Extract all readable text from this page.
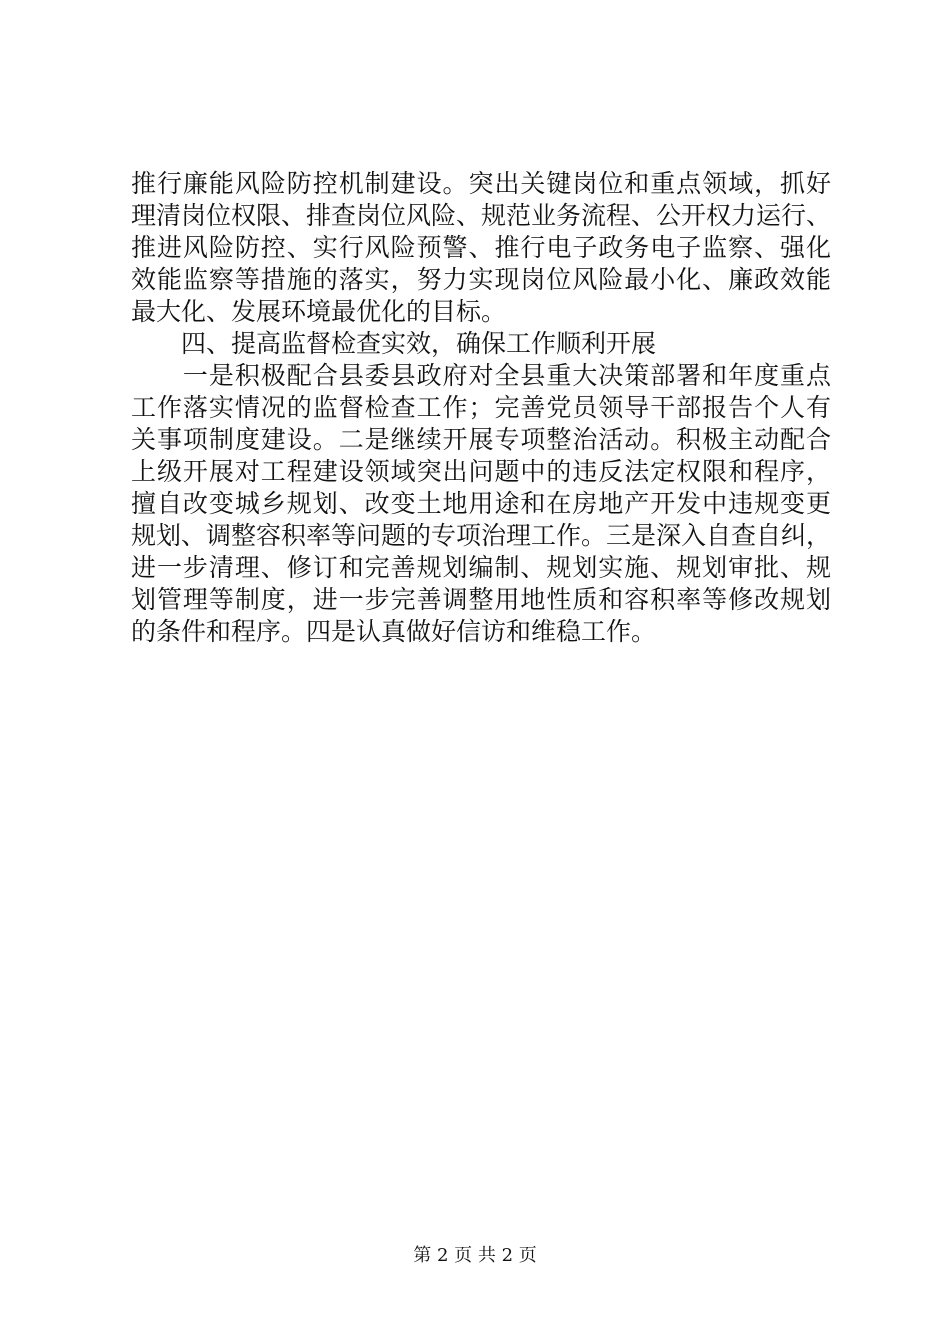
推行廉能风险防控机制建设。突出关键岗位和重点领域，抓好
理清岗位权限、排查岗位风险、规范业务流程、公开权力运行、
推进风险防控、实行风险预警、推行电子政务电子监察、强化
效能监察等措施的落实，努力实现岗位风险最小化、廉政效能
最大化、发展环境最优化的目标。
　　四、提高监督检查实效，确保工作顺利开展
　　一是积极配合县委县政府对全县重大决策部署和年度重点
工作落实情况的监督检查工作；完善党员领导干部报告个人有
关事项制度建设。二是继续开展专项整治活动。积极主动配合
上级开展对工程建设领域突出问题中的违反法定权限和程序，
擅自改变城乡规划、改变土地用途和在房地产开发中违规变更
规划、调整容积率等问题的专项治理工作。三是深入自查自纠，
进一步清理、修订和完善规划编制、规划实施、规划审批、规
划管理等制度，进一步完善调整用地性质和容积率等修改规划
的条件和程序。四是认真做好信访和维稳工作。
第 2 页 共 2 页
